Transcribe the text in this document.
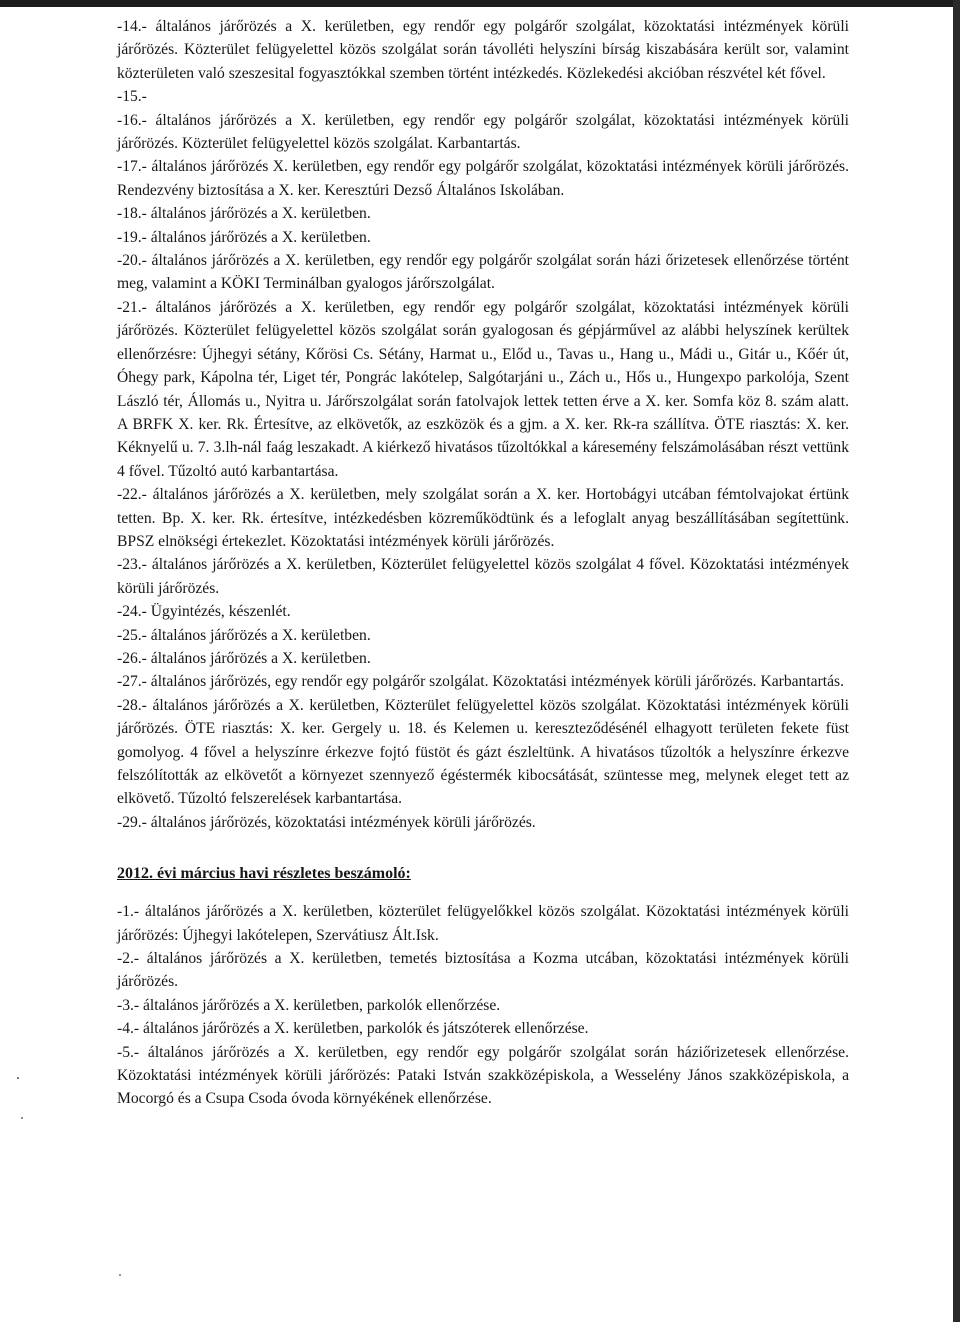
-14.- általános járőrözés a X. kerületben, egy rendőr egy polgárőr szolgálat, közoktatási intézmények körüli járőrözés. Közterület felügyelettel közös szolgálat során távolléti helyszíni bírság kiszabására került sor, valamint közterületen való szeszesital fogyasztókkal szemben történt intézkedés. Közlekedési akcióban részvétel két fővel.

-15.-

-16.- általános járőrözés a X. kerületben, egy rendőr egy polgárőr szolgálat, közoktatási intézmények körüli járőrözés. Közterület felügyelettel közös szolgálat. Karbantartás.

-17.- általános járőrözés X. kerületben, egy rendőr egy polgárőr szolgálat, közoktatási intézmények körüli járőrözés. Rendezvény biztosítása a X. ker. Keresztúri Dezső Általános Iskolában.

-18.- általános járőrözés a X. kerületben.

-19.- általános járőrözés a X. kerületben.

-20.- általános járőrözés a X. kerületben, egy rendőr egy polgárőr szolgálat során házi őrizetesek ellenőrzése történt meg, valamint a KÖKI Terminálban gyalogos járőrszolgálat.

-21.- általános járőrözés a X. kerületben, egy rendőr egy polgárőr szolgálat, közoktatási intézmények körüli járőrözés. Közterület felügyelettel közös szolgálat során gyalogosan és gépjárművel az alábbi helyszínek kerültek ellenőrzésre: Újhegyi sétány, Kőrösi Cs. Sétány, Harmat u., Előd u., Tavas u., Hang u., Mádi u., Gitár u., Kőér út, Óhegy park, Kápolna tér, Liget tér, Pongrác lakótelep, Salgótarjáni u., Zách u., Hős u., Hungexpo parkolója, Szent László tér, Állomás u., Nyitra u. Járőrszolgálat során fatolvajok lettek tetten érve a X. ker. Somfa köz 8. szám alatt. A BRFK X. ker. Rk. Értesítve, az elkövetők, az eszközök és a gjm. a X. ker. Rk-ra szállítva. ÖTE riasztás: X. ker. Kéknyelű u. 7. 3.lh-nál faág leszakadt. A kiérkező hivatásos tűzoltókkal a káresemény felszámolásában részt vettünk 4 fővel. Tűzoltó autó karbantartása.

-22.- általános járőrözés a X. kerületben, mely szolgálat során a X. ker. Hortobágyi utcában fémtolvajokat értünk tetten. Bp. X. ker. Rk. értesítve, intézkedésben közreműködtünk és a lefoglalt anyag beszállításában segítettünk. BPSZ elnökségi értekezlet. Közoktatási intézmények körüli járőrözés.

-23.- általános járőrözés a X. kerületben, Közterület felügyelettel közös szolgálat 4 fővel. Közoktatási intézmények körüli járőrözés.

-24.- Ügyintézés, készenlét.

-25.- általános járőrözés a X. kerületben.

-26.- általános járőrözés a X. kerületben.

-27.- általános járőrözés, egy rendőr egy polgárőr szolgálat. Közoktatási intézmények körüli járőrözés. Karbantartás.

-28.- általános járőrözés a X. kerületben, Közterület felügyelettel közös szolgálat. Közoktatási intézmények körüli járőrözés. ÖTE riasztás: X. ker. Gergely u. 18. és Kelemen u. kereszteződésénél elhagyott területen fekete füst gomolyog. 4 fővel a helyszínre érkezve fojtó füstöt és gázt észleltünk. A hivatásos tűzoltók a helyszínre érkezve felszólították az elkövetőt a környezet szennyező égéstermék kibocsátását, szüntesse meg, melynek eleget tett az elkövető. Tűzoltó felszerelések karbantartása.

-29.- általános járőrözés, közoktatási intézmények körüli járőrözés.

2012. évi március havi részletes beszámoló:

-1.- általános járőrözés a X. kerületben, közterület felügyelőkkel közös szolgálat. Közoktatási intézmények körüli járőrözés: Újhegyi lakótelepen, Szervátiusz Ált.Isk.

-2.- általános járőrözés a X. kerületben, temetés biztosítása a Kozma utcában, közoktatási intézmények körüli járőrözés.

-3.- általános járőrözés a X. kerületben, parkolók ellenőrzése.

-4.- általános járőrözés a X. kerületben, parkolók és játszóterek ellenőrzése.

-5.- általános járőrözés a X. kerületben, egy rendőr egy polgárőr szolgálat során háziőrizetesek ellenőrzése. Közoktatási intézmények körüli járőrözés: Pataki István szakközépiskola, a Wesselény János szakközépiskola, a Mocorgó és a Csupa Csoda óvoda környékének ellenőrzése.
